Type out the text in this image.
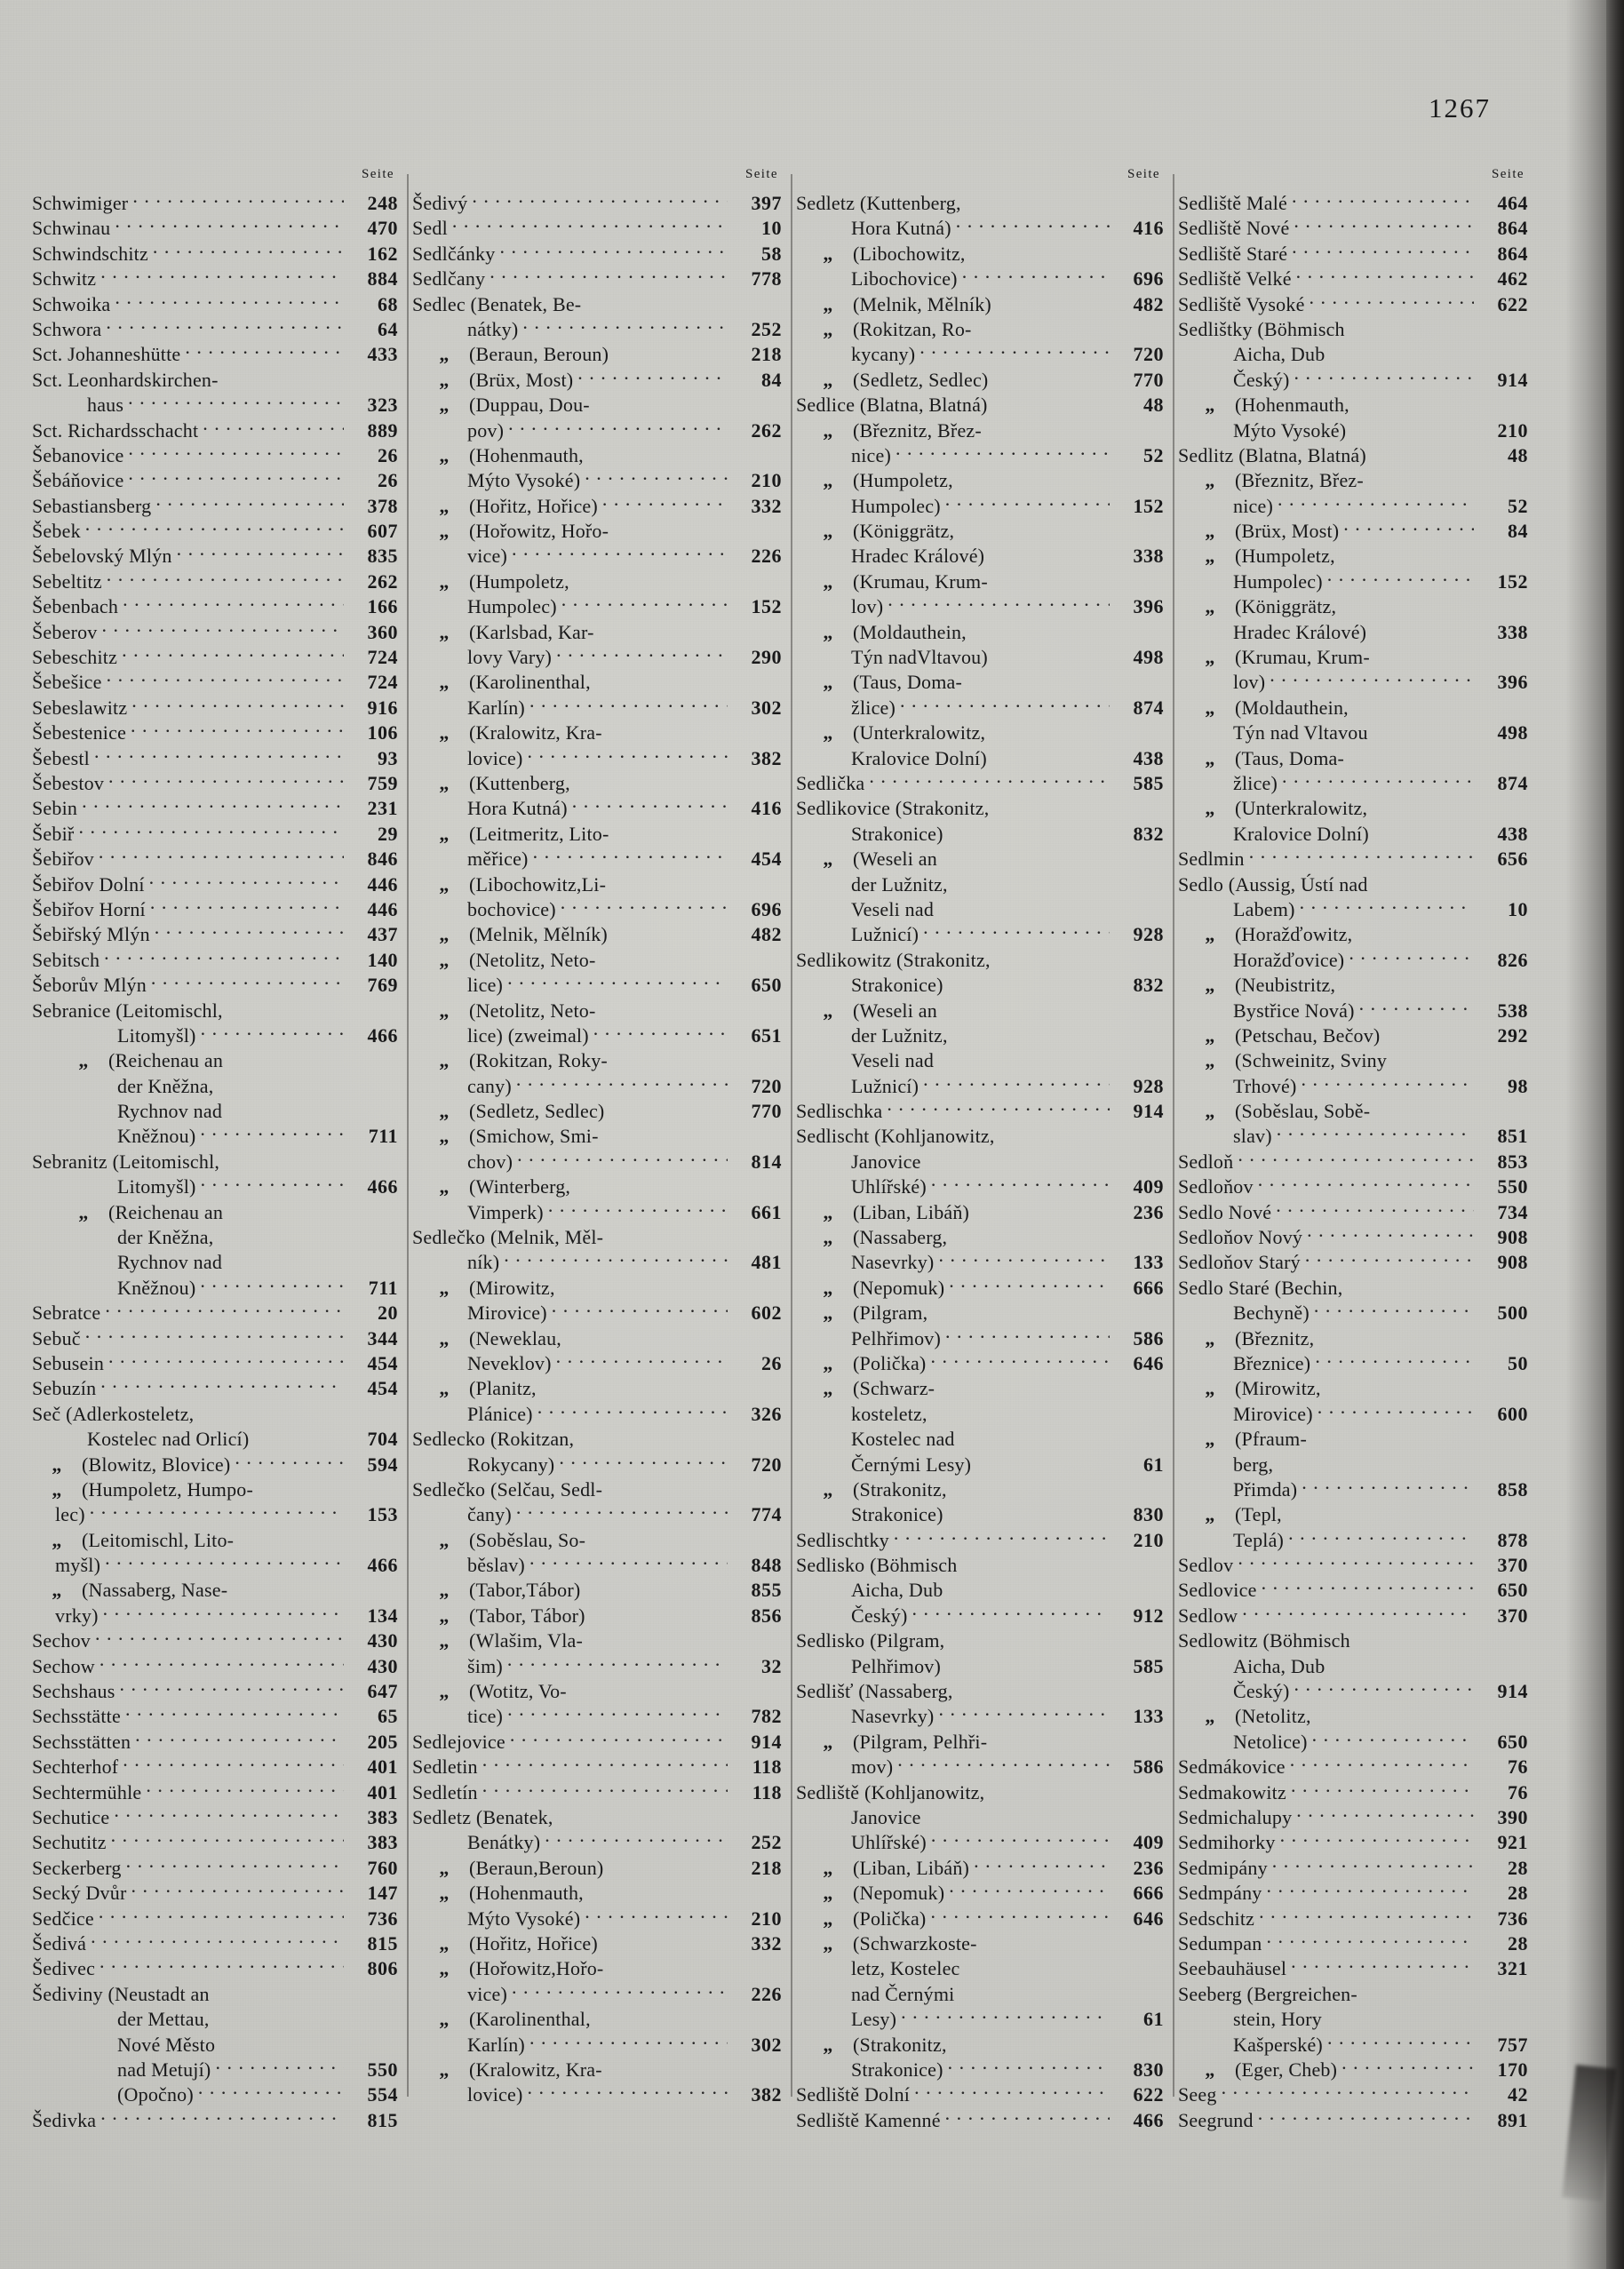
1267
Seite
Schwimiger . . .	248
Schwinau . . .	470
Schwindschitz . . .	162
Schwitz . . .	884
Schwoika . . .	68
Schwora . . .	64
Sct. Johanneshütte . . .	433
Sct. Leonhardskirchen-
haus . . .	323
Sct. Richardsschacht . . .	889
Šebanovice . . .	26
Šebáňovice . . .	26
Sebastiansberg . . .	378
Šebek . . .	607
Šebelovský Mlýn . . .	835
Sebeltitz . . .	262
Šebenbach . . .	166
Šeberov . . .	360
Sebeschitz . . .	724
Šebešice . . .	724
Sebeslawitz . . .	916
Šebestenice . . .	106
Šebestl . . .	93
Šebestov . . .	759
Sebin . . .	231
Šebiř . . .	29
Šebiřov . . .	846
Šebiřov Dolní . . .	446
Šebiřov Horní . . .	446
Šebiřský Mlýn . . .	437
Sebitsch . . .	140
Šeborův Mlýn . . .	769
Sebranice (Leitomischl,
Litomyšl) . . .	466
„ (Reichenau an
der Kněžna,
Rychnov nad
Kněžnou) . . .	711
Sebranitz (Leitomischl,
Litomyšl) . . .	466
„ (Reichenau an
der Kněžna,
Rychnov nad
Kněžnou) . . .	711
Sebratce . . .	20
Sebuč . . .	344
Sebusein . . .	454
Sebuzín . . .	454
Seč (Adlerkosteletz,
Kostelec nad Orlicí)	704
„ (Blowitz, Blovice) . . .	594
„ (Humpoletz, Humpo-
lec) . . .	153
„ (Leitomischl, Lito-
myšl) . . .	466
„ (Nassaberg, Nase-
vrky) . . .	134
Sechov . . .	430
Sechow . . .	430
Sechshaus . . .	647
Sechsstätte . . .	65
Sechsstätten . . .	205
Sechterhof . . .	401
Sechtermühle . . .	401
Sechutice . . .	383
Sechutitz . . .	383
Seckerberg . . .	760
Secký Dvůr . . .	147
Sedčice . . .	736
Šedivá . . .	815
Šedivec . . .	806
Šediviny (Neustadt an
der Mettau,
Nové Město
nad Metují) . . .	550
(Opočno) . . .	554
Šedivka . . .	815
Seite
Šedivý . . .	397
Sedl . . .	10
Sedlčánky . . .	58
Sedlčany . . .	778
Sedlec (Benatek, Be-
nátky) . . .	252
„ (Beraun, Beroun)	218
„ (Brüx, Most) . . .	84
„ (Duppau, Dou-
pov) . . .	262
„ (Hohenmauth,
Mýto Vysoké) . . .	210
„ (Hořitz, Hořice) . . .	332
„ (Hořowitz, Hořo-
vice) . . .	226
„ (Humpoletz,
Humpolec) . . .	152
„ (Karlsbad, Kar-
lovy Vary) . . .	290
„ (Karolinenthal,
Karlín) . . .	302
„ (Kralowitz, Kra-
lovice) . . .	382
„ (Kuttenberg,
Hora Kutná) . . .	416
„ (Leitmeritz, Lito-
měřice) . . .	454
„ (Libochowitz,Li-
bochovice) . . .	696
„ (Melnik, Mělník)	482
„ (Netolitz, Neto-
lice) . . .	650
„ (Netolitz, Neto-
lice) (zweimal) . . .	651
„ (Rokitzan, Roky-
cany) . . .	720
„ (Sedletz, Sedlec)	770
„ (Smichow, Smi-
chov) . . .	814
„ (Winterberg,
Vimperk) . . .	661
Sedlečko (Melnik, Měl-
ník) . . .	481
„ (Mirowitz,
Mirovice) . . .	602
„ (Neweklau,
Neveklov) . . .	26
„ (Planitz,
Plánice) . . .	326
Sedlecko (Rokitzan,
Rokycany) . . .	720
Sedlečko (Selčau, Sedl-
čany) . . .	774
„ (Soběslau, So-
běslav) . . .	848
„ (Tabor,Tábor)	855
„ (Tabor, Tábor)	856
„ (Wlašim, Vla-
šim) . . .	32
„ (Wotitz, Vo-
tice) . . .	782
Sedlejovice . . .	914
Sedletin . . .	118
Sedletín . . .	118
Sedletz (Benatek,
Benátky) . . .	252
„ (Beraun,Beroun)	218
„ (Hohenmauth,
Mýto Vysoké) . . .	210
„ (Hořitz, Hořice)	332
„ (Hořowitz,Hořo-
vice) . . .	226
„ (Karolinenthal,
Karlín) . . .	302
„ (Kralowitz, Kra-
lovice) . . .	382
Seite
Sedletz (Kuttenberg,
Hora Kutná) . . .	416
„ (Libochowitz,
Libochovice) . . .	696
„ (Melnik, Mělník)	482
„ (Rokitzan, Ro-
kycany) . . .	720
„ (Sedletz, Sedlec)	770
Sedlice (Blatna, Blatná)	48
„ (Březnitz, Břez-
nice) . . .	52
„ (Humpoletz,
Humpolec) . . .	152
„ (Königgrätz,
Hradec Králové)	338
„ (Krumau, Krum-
lov) . . .	396
„ (Moldauthein,
Týn nadVltavou)	498
„ (Taus, Doma-
žlice) . . .	874
„ (Unterkralowitz,
Kralovice Dolní)	438
Sedlička . . .	585
Sedlikovice (Strakonitz,
Strakonice)	832
„ (Weseli an
der Lužnitz,
Veseli nad
Lužnicí) . . .	928
Sedlikowitz (Strakonitz,
Strakonice)	832
„ (Weseli an
der Lužnitz,
Veseli nad
Lužnicí) . . .	928
Sedlischka . . .	914
Sedlischt (Kohljanowitz,
Janovice
Uhlířské) . . .	409
„ (Liban, Libáň)	236
„ (Nassaberg,
Nasevrky) . . .	133
„ (Nepomuk) . . .	666
„ (Pilgram,
Pelhřimov) . . .	586
„ (Polička) . . .	646
„ (Schwarz-
kosteletz,
Kostelec nad
Černými Lesy)	61
„ (Strakonitz,
Strakonice)	830
Sedlischtky . . .	210
Sedlisko (Böhmisch
Aicha, Dub
Český) . . .	912
Sedlisko (Pilgram,
Pelhřimov)	585
Sedlišť (Nassaberg,
Nasevrky) . . .	133
„ (Pilgram, Pelhři-
mov) . . .	586
Sedliště (Kohljanowitz,
Janovice
Uhlířské) . . .	409
„ (Liban, Libáň) . . .	236
„ (Nepomuk) . . .	666
„ (Polička) . . .	646
„ (Schwarzkoste-
letz, Kostelec
nad Černými
Lesy) . . .	61
„ (Strakonitz,
Strakonice) . . .	830
Sedliště Dolní . . .	622
Sedliště Kamenné . . .	466
Seite
Sedliště Malé . . .	464
Sedliště Nové . . .	864
Sedliště Staré . . .	864
Sedliště Velké . . .	462
Sedliště Vysoké . . .	622
Sedlištky (Böhmisch
Aicha, Dub
Český) . . .	914
„ (Hohenmauth,
Mýto Vysoké)	210
Sedlitz (Blatna, Blatná)	48
„ (Březnitz, Břez-
nice) . . .	52
„ (Brüx, Most) . . .	84
„ (Humpoletz,
Humpolec) . . .	152
„ (Königgrätz,
Hradec Králové)	338
„ (Krumau, Krum-
lov) . . .	396
„ (Moldauthein,
Týn nad Vltavou	498
„ (Taus, Doma-
žlice) . . .	874
„ (Unterkralowitz,
Kralovice Dolní)	438
Sedlmin . . .	656
Sedlo (Aussig, Ústí nad
Labem) . . .	10
„ (Horažďowitz,
Horažďovice) . . .	826
„ (Neubistritz,
Bystřice Nová) . . .	538
„ (Petschau, Bečov)	292
„ (Schweinitz, Sviny
Trhové) . . .	98
„ (Soběslau, Sobě-
slav) . . .	851
Sedloň . . .	853
Sedloňov . . .	550
Sedlo Nové . . .	734
Sedloňov Nový . . .	908
Sedloňov Starý . . .	908
Sedlo Staré (Bechin,
Bechyně) . . .	500
„ (Březnitz,
Březnice) . . .	50
„ (Mirowitz,
Mirovice) . . .	600
„ (Pfraum-
berg,
Přimda) . . .	858
„ (Tepl,
Teplá) . . .	878
Sedlov . . .	370
Sedlovice . . .	650
Sedlow . . .	370
Sedlowitz (Böhmisch
Aicha, Dub
Český) . . .	914
„ (Netolitz,
Netolice) . . .	650
Sedmákovice . . .	76
Sedmakowitz . . .	76
Sedmichalupy . . .	390
Sedmihorky . . .	921
Sedmipány . . .	28
Sedmpány . . .	28
Sedschitz . . .	736
Sedumpan . . .	28
Seebauhäusel . . .	321
Seeberg (Bergreichen-
stein, Hory
Kašperské) . . .	757
„ (Eger, Cheb) . . .	170
Seeg . . .	42
Seegrund . . .	891
